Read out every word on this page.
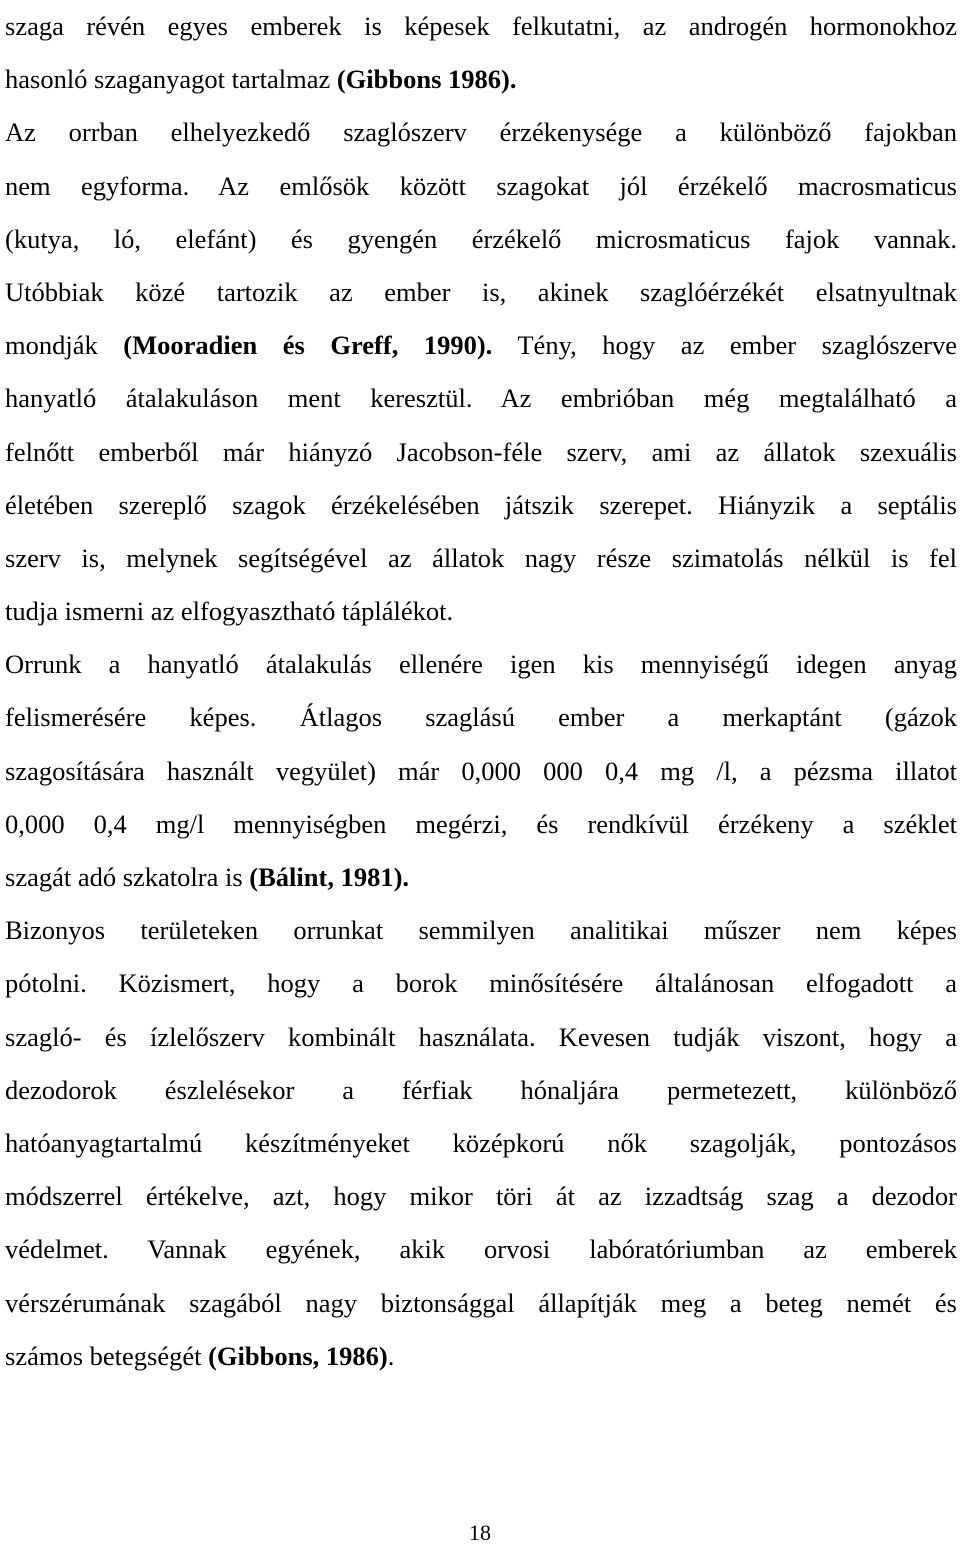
szaga révén egyes emberek is képesek felkutatni, az androgén hormonokhoz
hasonló szaganyagot tartalmaz (Gibbons 1986).
Az orrban elhelyezkedő szaglószerv érzékenysége a különböző fajokban
nem egyforma. Az emlősök között szagokat jól érzékelő macrosmaticus
(kutya, ló, elefánt) és gyengén érzékelő microsmaticus fajok vannak.
Utóbbiak közé tartozik az ember is, akinek szaglóérzékét elsatnyultnak
mondják (Mooradien és Greff, 1990). Tény, hogy az ember szaglószerve
hanyatló átalakuláson ment keresztül. Az embrióban még megtalálható a
felnőtt emberből már hiányzó Jacobson-féle szerv, ami az állatok szexuális
életében szereplő szagok érzékelésében játszik szerepet. Hiányzik a septális
szerv is, melynek segítségével az állatok nagy része szimatolás nélkül is fel
tudja ismerni az elfogyasztható táplálékot.
Orrunk a hanyatló átalakulás ellenére igen kis mennyiségű idegen anyag
felismerésére képes. Átlagos szaglású ember a merkaptánt (gázok
szagosítására használt vegyület) már 0,000 000 0,4 mg /l, a pézsma illatot
0,000 0,4 mg/l mennyiségben megérzi, és rendkívül érzékeny a széklet
szagát adó szkatolra is (Bálint, 1981).
Bizonyos területeken orrunkat semmilyen analitikai műszer nem képes
pótolni. Közismert, hogy a borok minősítésére általánosan elfogadott a
szagló- és ízlelőszerv kombinált használata. Kevesen tudják viszont, hogy a
dezodorok észlelésekor a férfiak hónaljára permetezett, különböző
hatóanyagtartalmú készítményeket középkorú nők szagolják, pontozásos
módszerrel értékelve, azt, hogy mikor töri át az izzadtság szag a dezodor
védelmet. Vannak egyének, akik orvosi labóratóriumban az emberek
vérszérumának szagából nagy biztonsággal állapítják meg a beteg nemét és
számos betegségét (Gibbons, 1986).
18
